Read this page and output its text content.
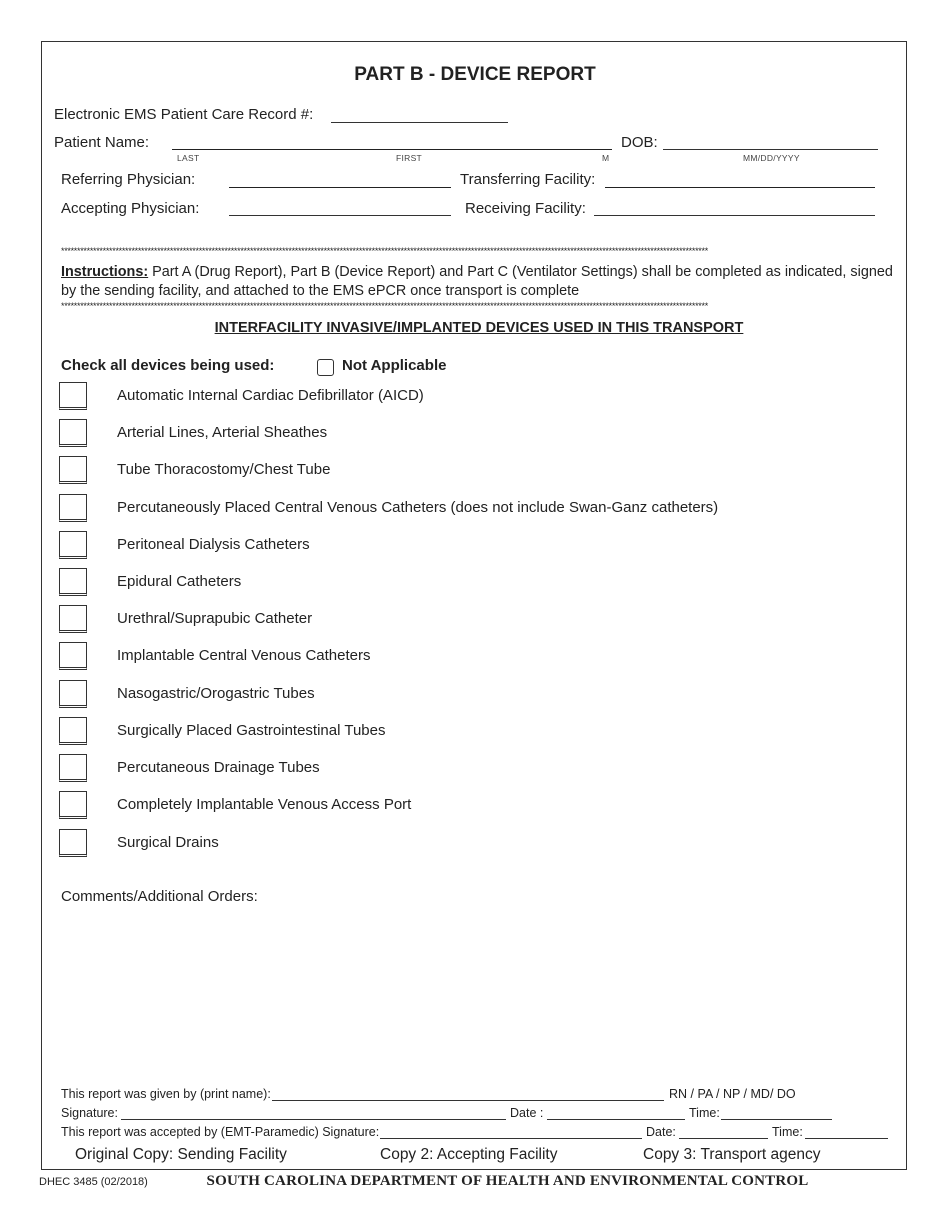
PART B - DEVICE REPORT
Electronic EMS Patient Care Record #:
Patient Name:
LAST	FIRST	M
DOB:
MM/DD/YYYY
Referring Physician:	Transferring Facility:
Accepting Physician:	Receiving Facility:
**********************************************************************************************************************************************************************************************************
Instructions: Part A (Drug Report), Part B (Device Report) and Part C (Ventilator Settings) shall be completed as indicated, signed by the sending facility, and attached to the EMS ePCR once transport is complete
**********************************************************************************************************************************************************************************************************
INTERFACILITY INVASIVE/IMPLANTED DEVICES USED IN THIS TRANSPORT
Check all devices being used:	Not Applicable
Automatic Internal Cardiac Defibrillator (AICD)
Arterial Lines, Arterial Sheathes
Tube Thoracostomy/Chest Tube
Percutaneously Placed Central Venous Catheters (does not include Swan-Ganz catheters)
Peritoneal Dialysis Catheters
Epidural Catheters
Urethral/Suprapubic Catheter
Implantable Central Venous Catheters
Nasogastric/Orogastric Tubes
Surgically Placed Gastrointestinal Tubes
Percutaneous Drainage Tubes
Completely Implantable Venous Access Port
Surgical Drains
Comments/Additional Orders:
This report was given by (print name):	RN / PA / NP / MD/ DO
Signature:	Date :	Time:
This report was accepted by (EMT-Paramedic) Signature:	Date:	Time:
Original Copy: Sending Facility	Copy 2: Accepting Facility	Copy 3: Transport agency
DHEC 3485 (02/2018)	SOUTH CAROLINA DEPARTMENT OF HEALTH AND ENVIRONMENTAL CONTROL
